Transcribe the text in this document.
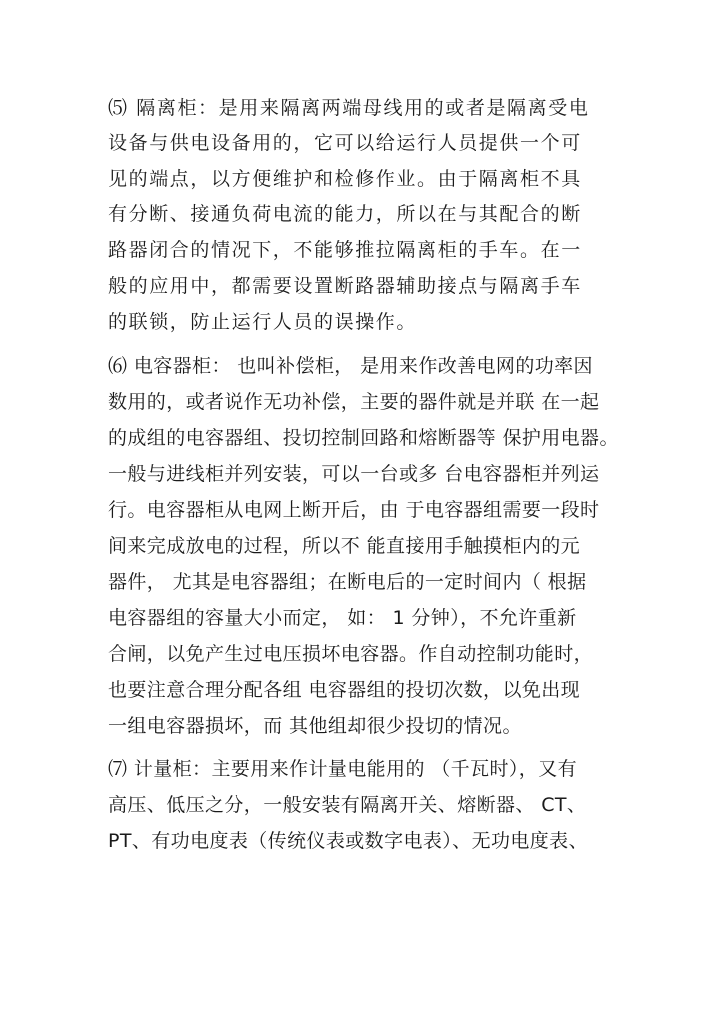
⑸ 隔离柜：是用来隔离两端母线用的或者是隔离受电
设备与供电设备用的，它可以给运行人员提供一个可
见的端点，以方便维护和检修作业。由于隔离柜不具
有分断、接通负荷电流的能力，所以在与其配合的断
路器闭合的情况下，不能够推拉隔离柜的手车。在一
般的应用中，都需要设置断路器辅助接点与隔离手车
的联锁，防止运行人员的误操作。
⑹ 电容器柜： 也叫补偿柜， 是用来作改善电网的功率因
数用的，或者说作无功补偿，主要的器件就是并联 在一起
的成组的电容器组、投切控制回路和熔断器等 保护用电器。
一般与进线柜并列安装，可以一台或多 台电容器柜并列运
行。电容器柜从电网上断开后，由 于电容器组需要一段时
间来完成放电的过程，所以不 能直接用手触摸柜内的元
器件， 尤其是电容器组；在断电后的一定时间内（ 根据
电容器组的容量大小而定， 如： 1 分钟），不允许重新
合闸，以免产生过电压损坏电容器。作自动控制功能时，
也要注意合理分配各组 电容器组的投切次数，以免出现
一组电容器损坏，而 其他组却很少投切的情况。
⑺ 计量柜：主要用来作计量电能用的 （千瓦时），又有
高压、低压之分，一般安装有隔离开关、熔断器、 CT、
PT、有功电度表（传统仪表或数字电表）、无功电度表、
